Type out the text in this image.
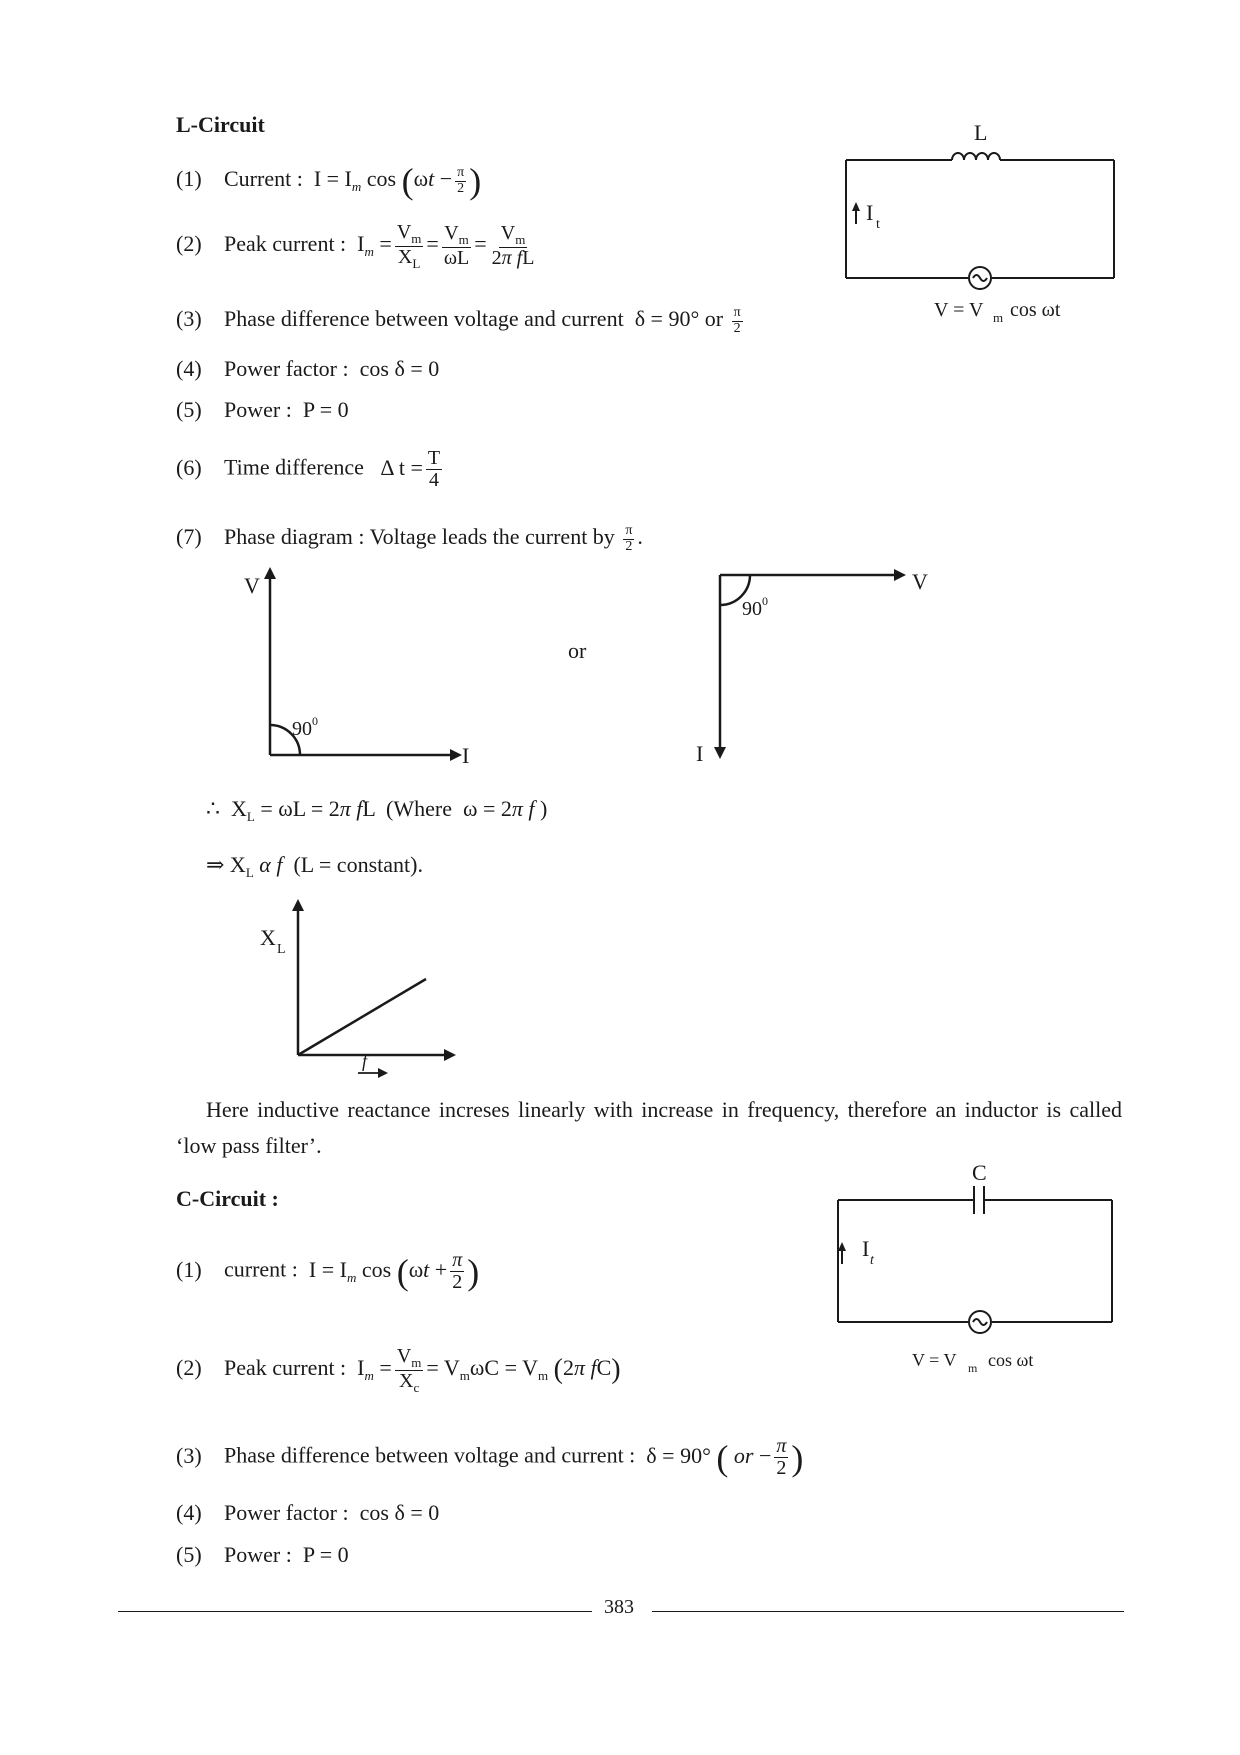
L-Circuit
(1) Current :  $I = I_m$ $\cos (\omega t - \frac{\pi}{2}$ )
(2) Peak current :  $I_m = \frac{V_m}{X_L} = \frac{V_m}{\omega L} = \frac{V_m}{\text{2π fL}}$
(3) Phase difference between voltage and current  δ = 90° or $\frac{\pi}{2}$
(4) Power factor : cos δ = 0
(5) Power : P = 0
(6) Time difference   Δ $t = \frac{T}{4}$
(7) Phase diagram : Voltage leads the current by $\frac{\pi}{2}$ .
L
I t
V = V m cos ωt
V
I
90 0
or
V
I
90 0
∴  $X_L = \omega L = 2\pi$ fL  (Where  ω = 2π f )
⇒ $X_L$ α f (L = constant).
X L
f
Here inductive reactance increses linearly with increase in frequency, therefore an inductor is called ‘low pass filter’.
C-Circuit :
(1) current :  $I = I_m$ $\cos (\omega t + \frac{\pi}{2}$ )
(2) Peak current :  $I_m = \frac{V_m}{X_c} = V_m\omega C = V_m$ (2π fC)
(3) Phase difference between voltage and current :  δ = 90° ( or − $\frac{\pi}{2}$ )
(4) Power factor : cos δ = 0
(5) Power : P = 0
C
I t
V = V m cos ωt
383
